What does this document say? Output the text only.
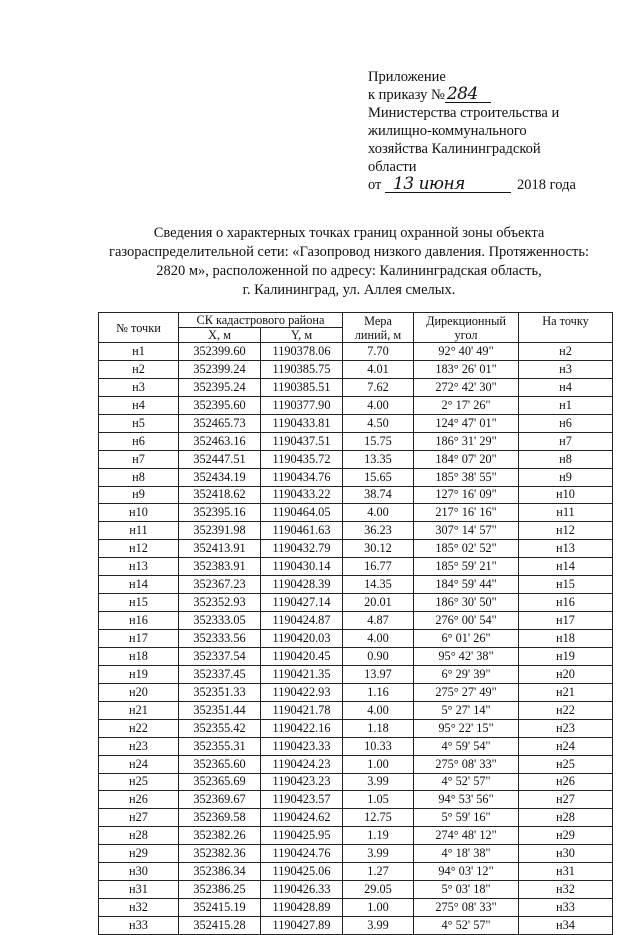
Приложение
к приказу № 284
Министерства строительства и
жилищно-коммунального
хозяйства Калининградской
области
от 13 июня	2018 года
Сведения о характерных точках границ охранной зоны объекта
газораспределительной сети: «Газопровод низкого давления. Протяженность:
2820 м», расположенной по адресу: Калининградская область,
г. Калининград, ул. Аллея смелых.
№ точки	СК кадастрового района		Мера
линий, м	Дирекционный
угол	На точку
	X, м	Y, м			
н1	352399.60	1190378.06	7.70	92° 40' 49"	н2
н2	352399.24	1190385.75	4.01	183° 26' 01"	н3
н3	352395.24	1190385.51	7.62	272° 42' 30"	н4
н4	352395.60	1190377.90	4.00	2° 17' 26"	н1
н5	352465.73	1190433.81	4.50	124° 47' 01"	н6
н6	352463.16	1190437.51	15.75	186° 31' 29"	н7
н7	352447.51	1190435.72	13.35	184° 07' 20"	н8
н8	352434.19	1190434.76	15.65	185° 38' 55"	н9
н9	352418.62	1190433.22	38.74	127° 16' 09"	н10
н10	352395.16	1190464.05	4.00	217° 16' 16"	н11
н11	352391.98	1190461.63	36.23	307° 14' 57"	н12
н12	352413.91	1190432.79	30.12	185° 02' 52"	н13
н13	352383.91	1190430.14	16.77	185° 59' 21"	н14
н14	352367.23	1190428.39	14.35	184° 59' 44"	н15
н15	352352.93	1190427.14	20.01	186° 30' 50"	н16
н16	352333.05	1190424.87	4.87	276° 00' 54"	н17
н17	352333.56	1190420.03	4.00	6° 01' 26"	н18
н18	352337.54	1190420.45	0.90	95° 42' 38"	н19
н19	352337.45	1190421.35	13.97	6° 29' 39"	н20
н20	352351.33	1190422.93	1.16	275° 27' 49"	н21
н21	352351.44	1190421.78	4.00	5° 27' 14"	н22
н22	352355.42	1190422.16	1.18	95° 22' 15"	н23
н23	352355.31	1190423.33	10.33	4° 59' 54"	н24
н24	352365.60	1190424.23	1.00	275° 08' 33"	н25
н25	352365.69	1190423.23	3.99	4° 52' 57"	н26
н26	352369.67	1190423.57	1.05	94° 53' 56"	н27
н27	352369.58	1190424.62	12.75	5° 59' 16"	н28
н28	352382.26	1190425.95	1.19	274° 48' 12"	н29
н29	352382.36	1190424.76	3.99	4° 18' 38"	н30
н30	352386.34	1190425.06	1.27	94° 03' 12"	н31
н31	352386.25	1190426.33	29.05	5° 03' 18"	н32
н32	352415.19	1190428.89	1.00	275° 08' 33"	н33
н33	352415.28	1190427.89	3.99	4° 52' 57"	н34
